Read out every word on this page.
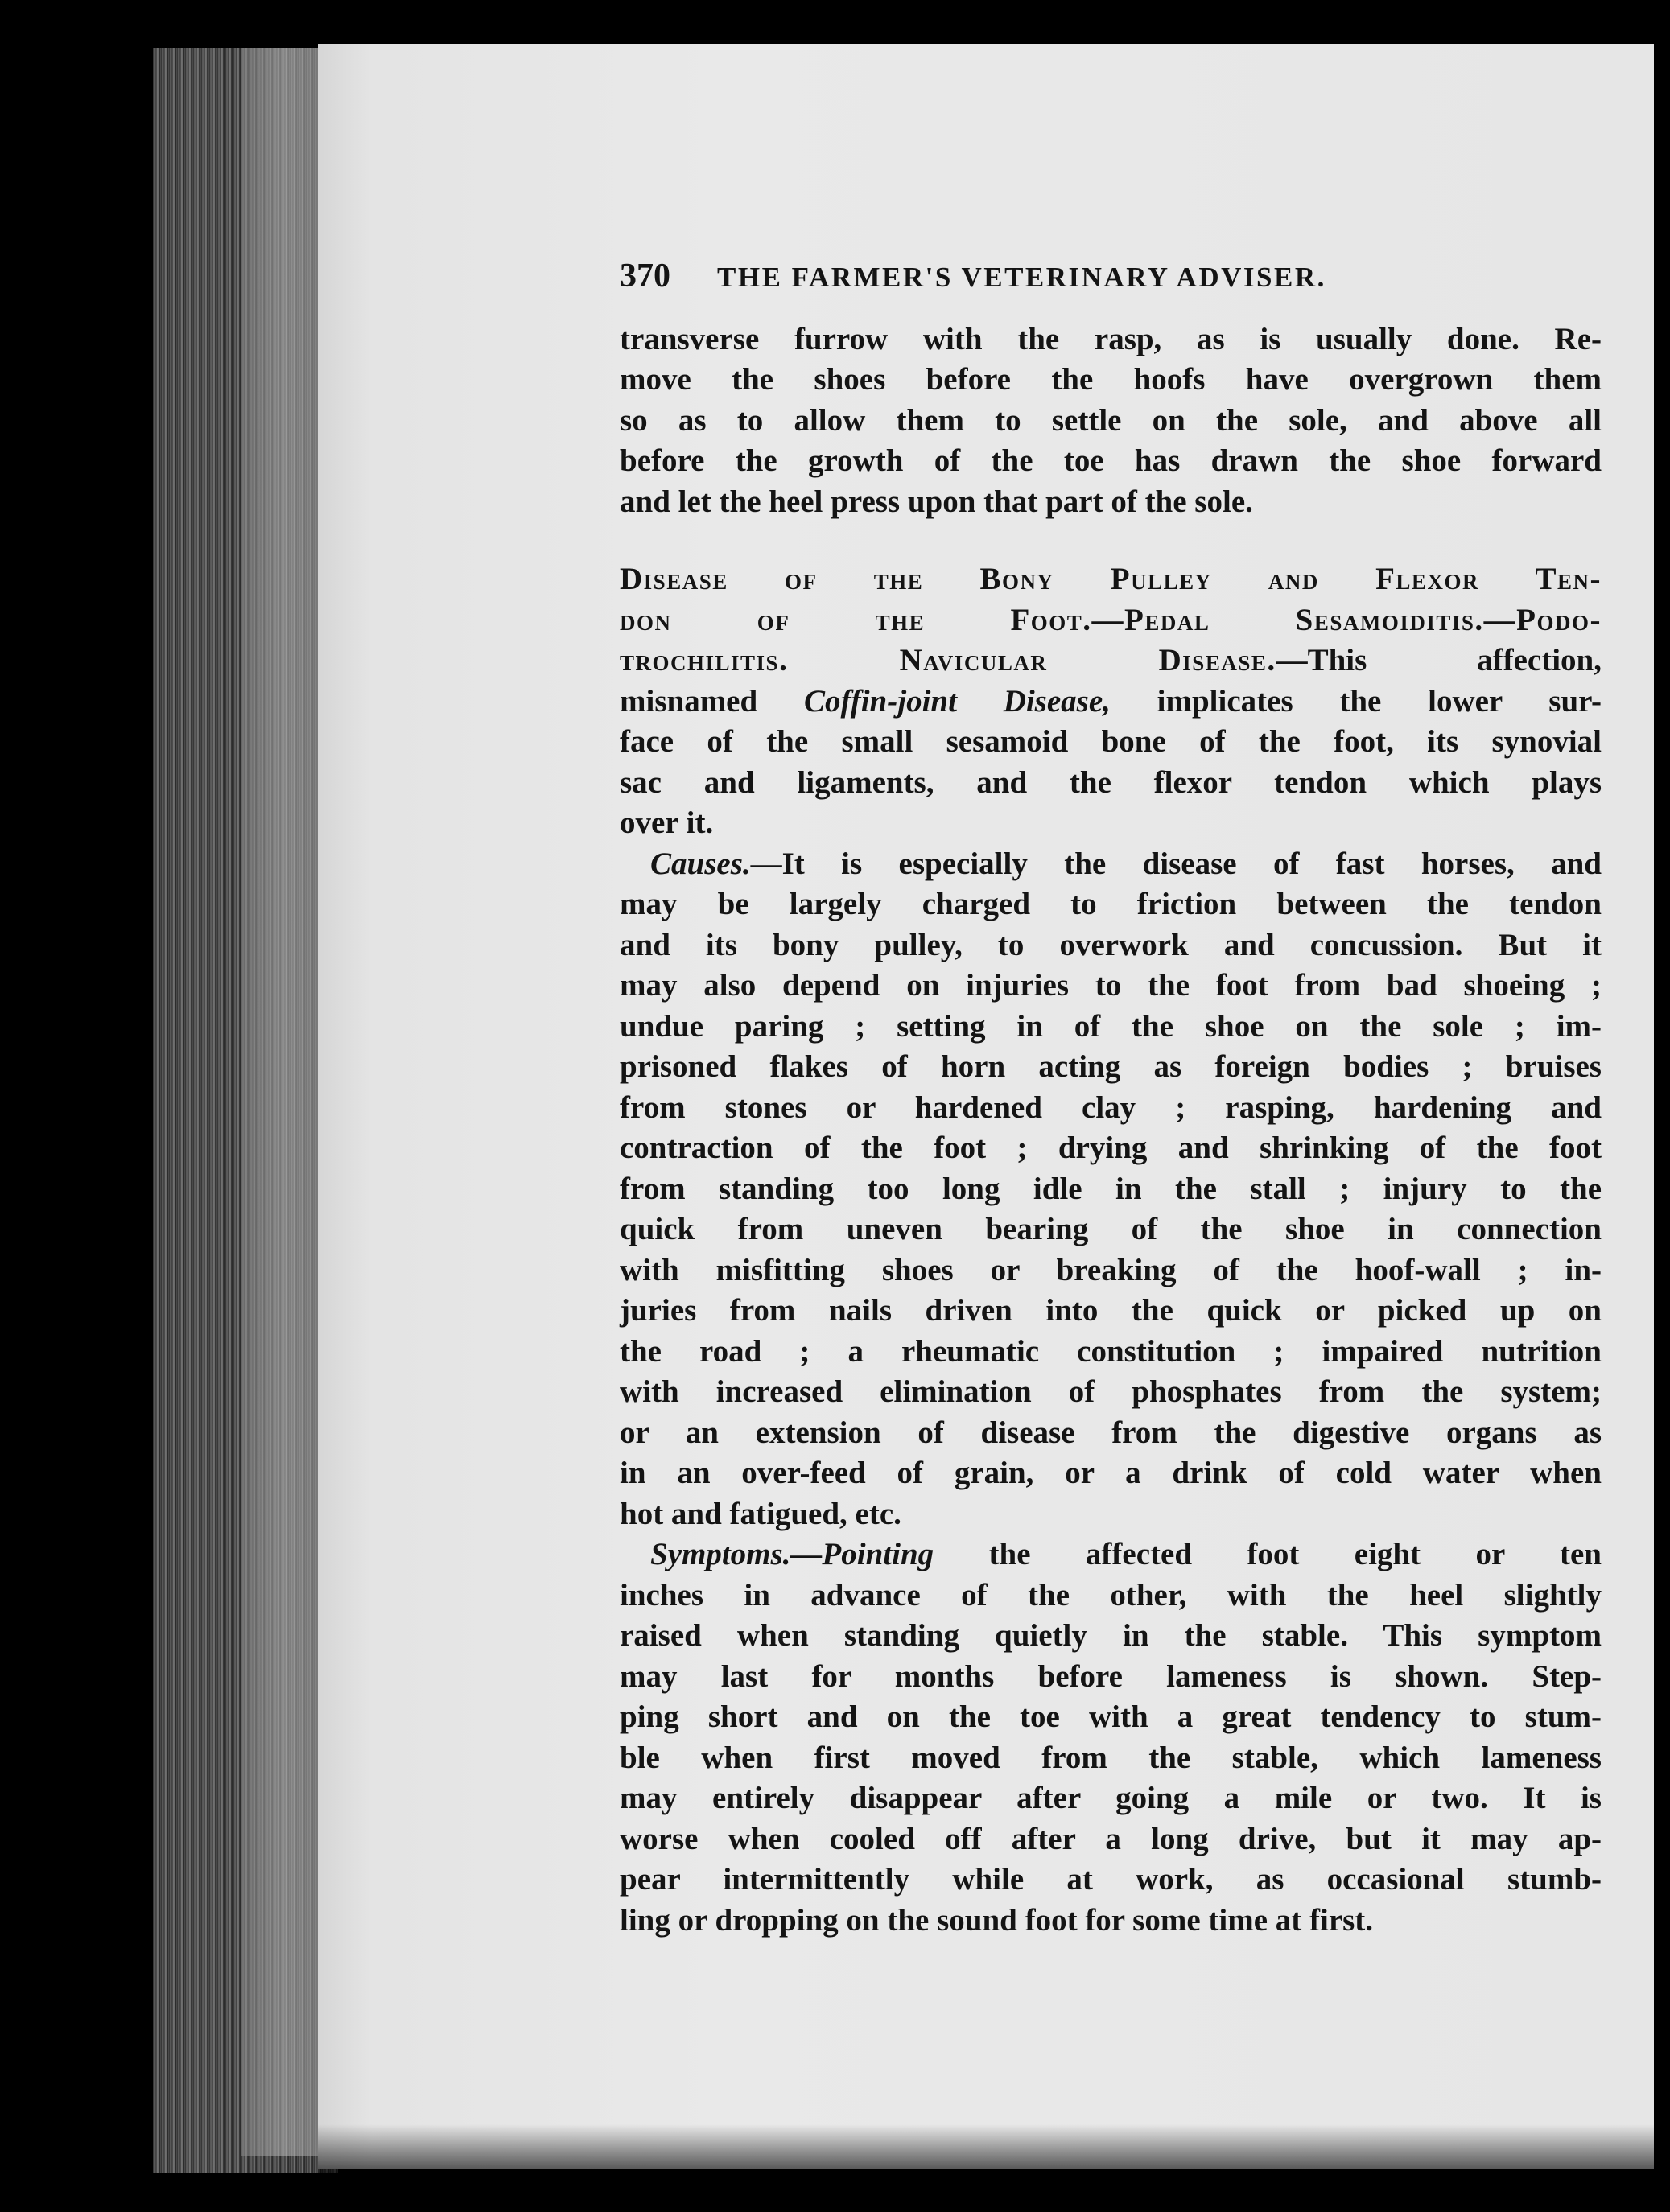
370 THE FARMER'S VETERINARY ADVISER.

transverse furrow with the rasp, as is usually done. Re-
move the shoes before the hoofs have overgrown them
so as to allow them to settle on the sole, and above all
before the growth of the toe has drawn the shoe forward
and let the heel press upon that part of the sole.

Disease of the Bony Pulley and Flexor Ten-
don of the Foot.—Pedal Sesamoiditis.—Podo-
trochilitis. Navicular Disease.—This affection,
misnamed Coffin-joint Disease, implicates the lower sur-
face of the small sesamoid bone of the foot, its synovial
sac and ligaments, and the flexor tendon which plays
over it.

Causes.—It is especially the disease of fast horses, and
may be largely charged to friction between the tendon
and its bony pulley, to overwork and concussion. But it
may also depend on injuries to the foot from bad shoeing ;
undue paring ; setting in of the shoe on the sole ; im-
prisoned flakes of horn acting as foreign bodies ; bruises
from stones or hardened clay ; rasping, hardening and
contraction of the foot ; drying and shrinking of the foot
from standing too long idle in the stall ; injury to the
quick from uneven bearing of the shoe in connection
with misfitting shoes or breaking of the hoof-wall ; in-
juries from nails driven into the quick or picked up on
the road ; a rheumatic constitution ; impaired nutrition
with increased elimination of phosphates from the system;
or an extension of disease from the digestive organs as
in an over-feed of grain, or a drink of cold water when
hot and fatigued, etc.

Symptoms.—Pointing the affected foot eight or ten
inches in advance of the other, with the heel slightly
raised when standing quietly in the stable. This symptom
may last for months before lameness is shown. Step-
ping short and on the toe with a great tendency to stum-
ble when first moved from the stable, which lameness
may entirely disappear after going a mile or two. It is
worse when cooled off after a long drive, but it may ap-
pear intermittently while at work, as occasional stumb-
ling or dropping on the sound foot for some time at first.
